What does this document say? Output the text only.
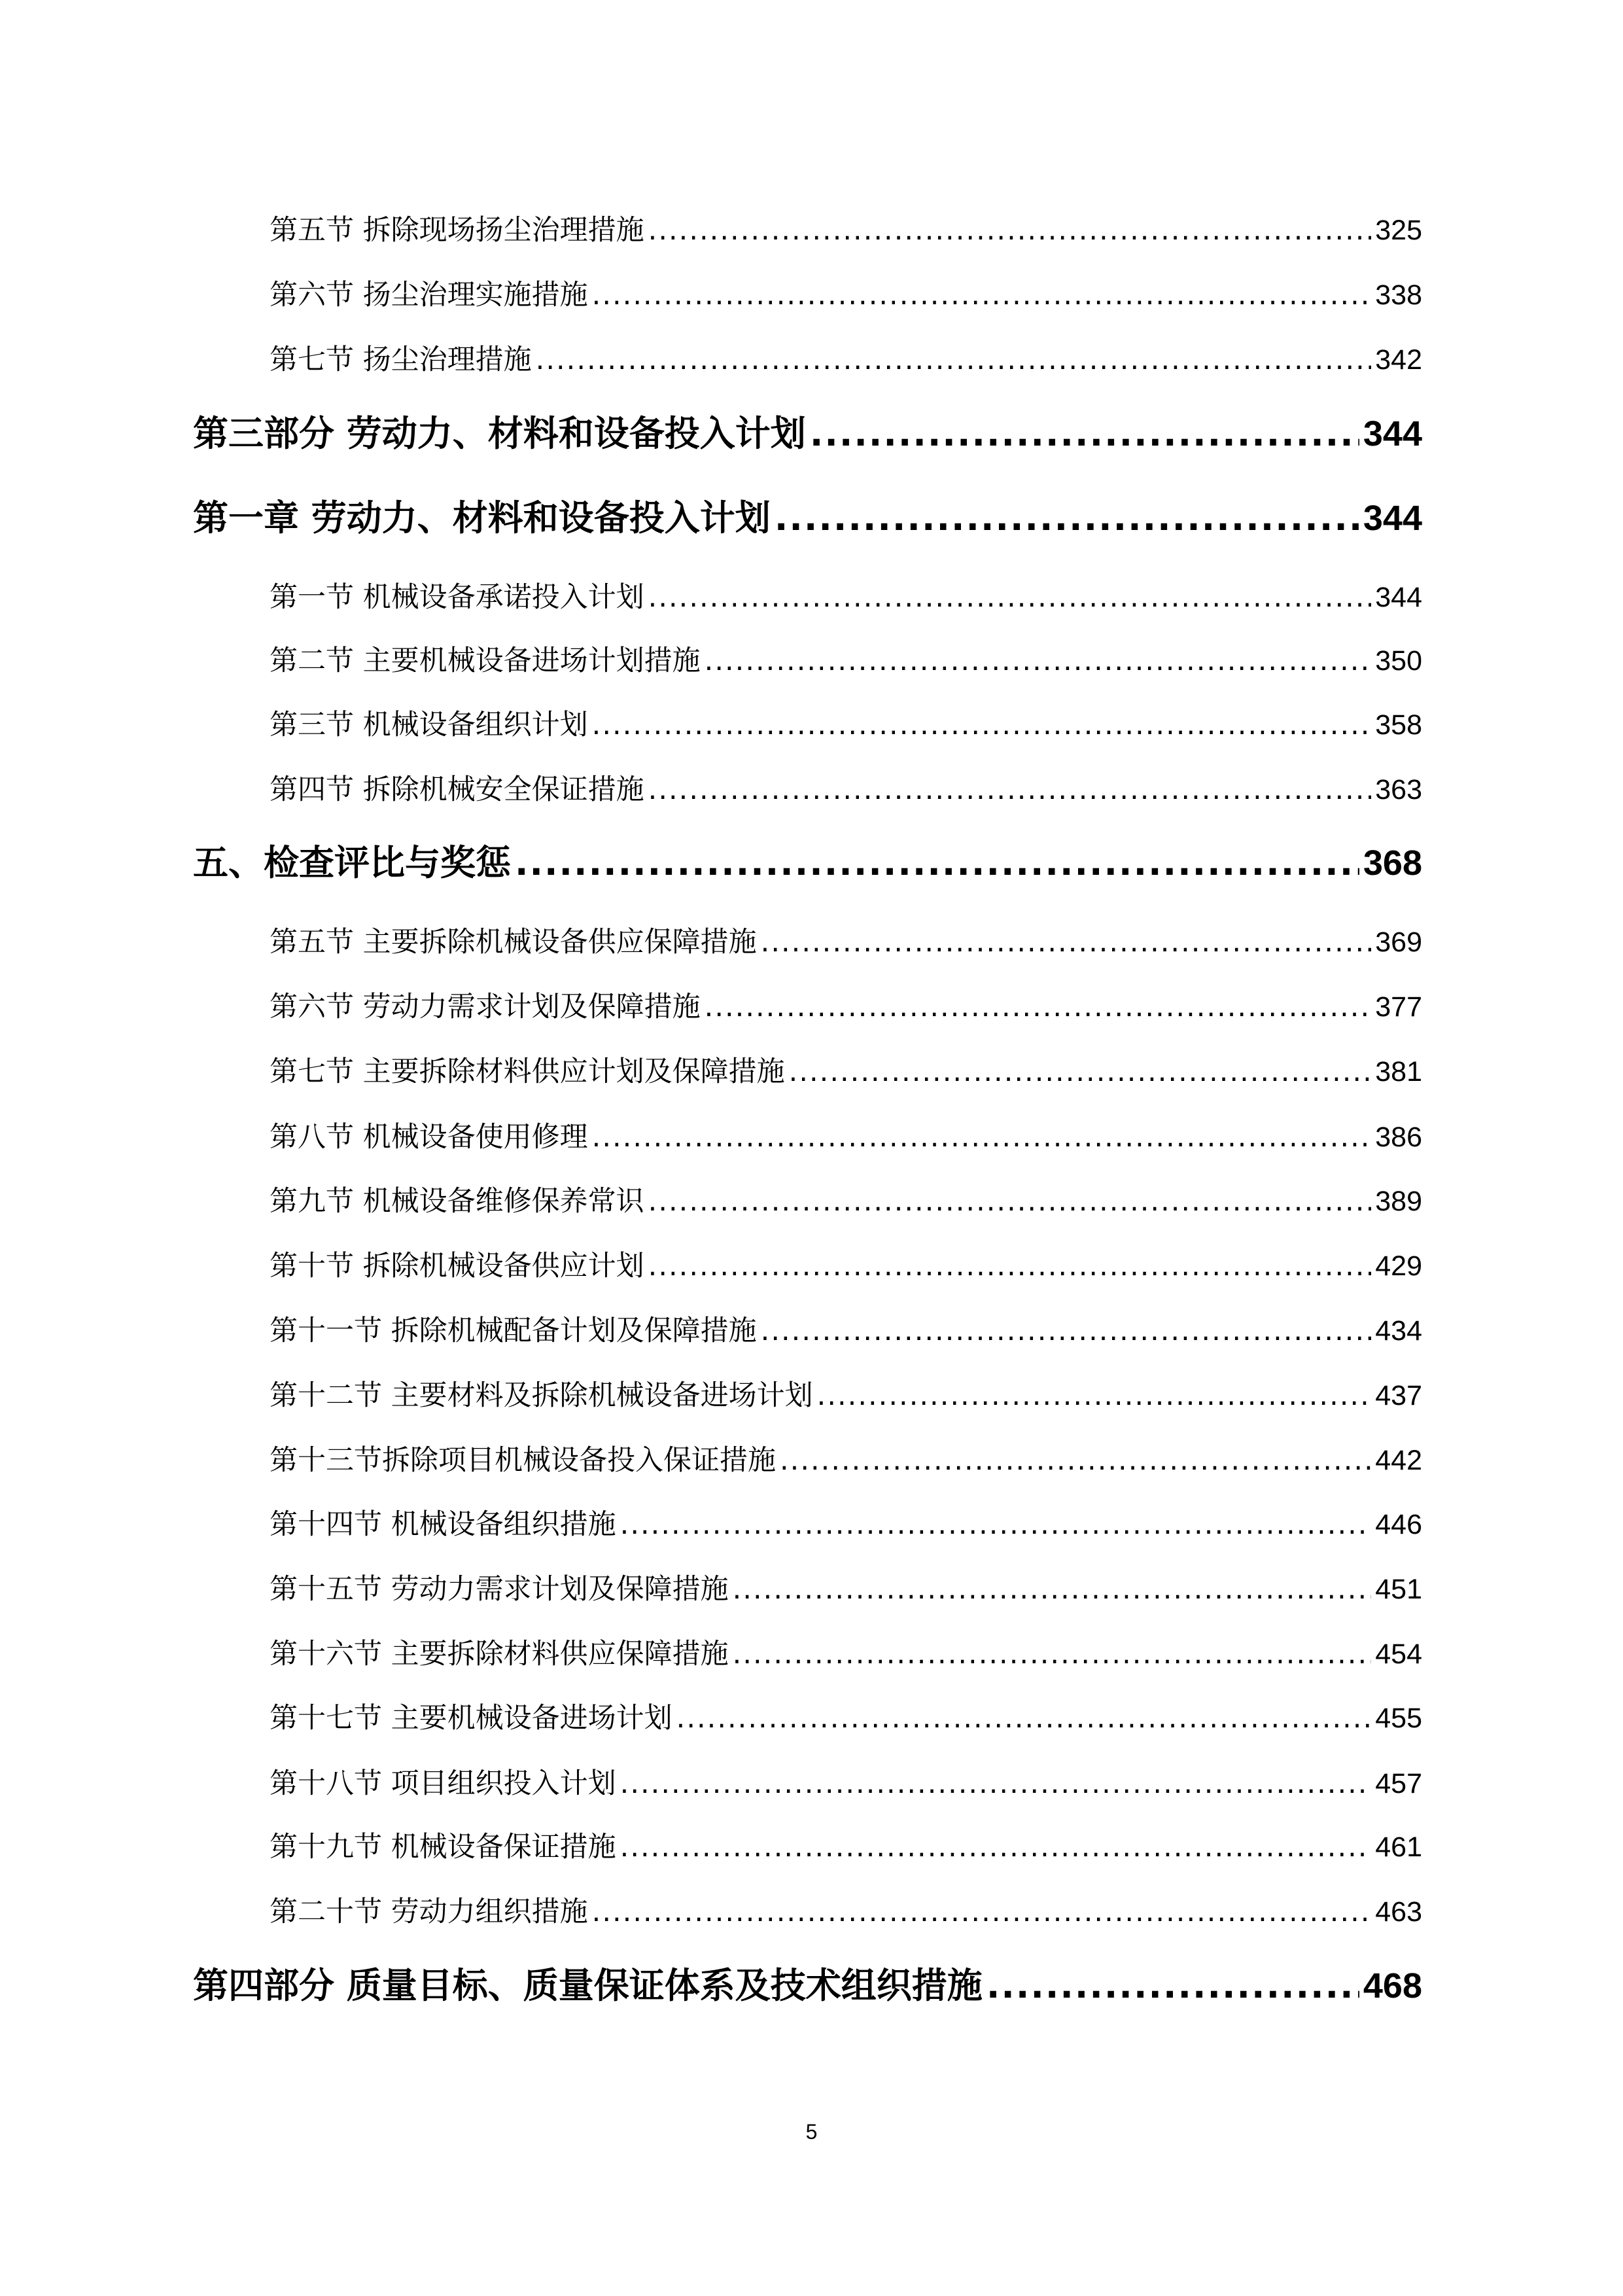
第五节 拆除现场扬尘治理措施 .....	325
第六节 扬尘治理实施措施 .....	338
第七节 扬尘治理措施 .....	342
第三部分 劳动力、材料和设备投入计划 .....	344
第一章 劳动力、材料和设备投入计划 .....	344
第一节 机械设备承诺投入计划 .....	344
第二节 主要机械设备进场计划措施 .....	350
第三节 机械设备组织计划 .....	358
第四节 拆除机械安全保证措施 .....	363
五、检查评比与奖惩 .....	368
第五节 主要拆除机械设备供应保障措施 .....	369
第六节 劳动力需求计划及保障措施 .....	377
第七节 主要拆除材料供应计划及保障措施 .....	381
第八节 机械设备使用修理 .....	386
第九节 机械设备维修保养常识 .....	389
第十节 拆除机械设备供应计划 .....	429
第十一节 拆除机械配备计划及保障措施 .....	434
第十二节 主要材料及拆除机械设备进场计划 .....	437
第十三节拆除项目机械设备投入保证措施 .....	442
第十四节 机械设备组织措施 .....	446
第十五节 劳动力需求计划及保障措施 .....	451
第十六节 主要拆除材料供应保障措施 .....	454
第十七节 主要机械设备进场计划 .....	455
第十八节 项目组织投入计划 .....	457
第十九节 机械设备保证措施 .....	461
第二十节 劳动力组织措施 .....	463
第四部分 质量目标、质量保证体系及技术组织措施 .....	468
5
